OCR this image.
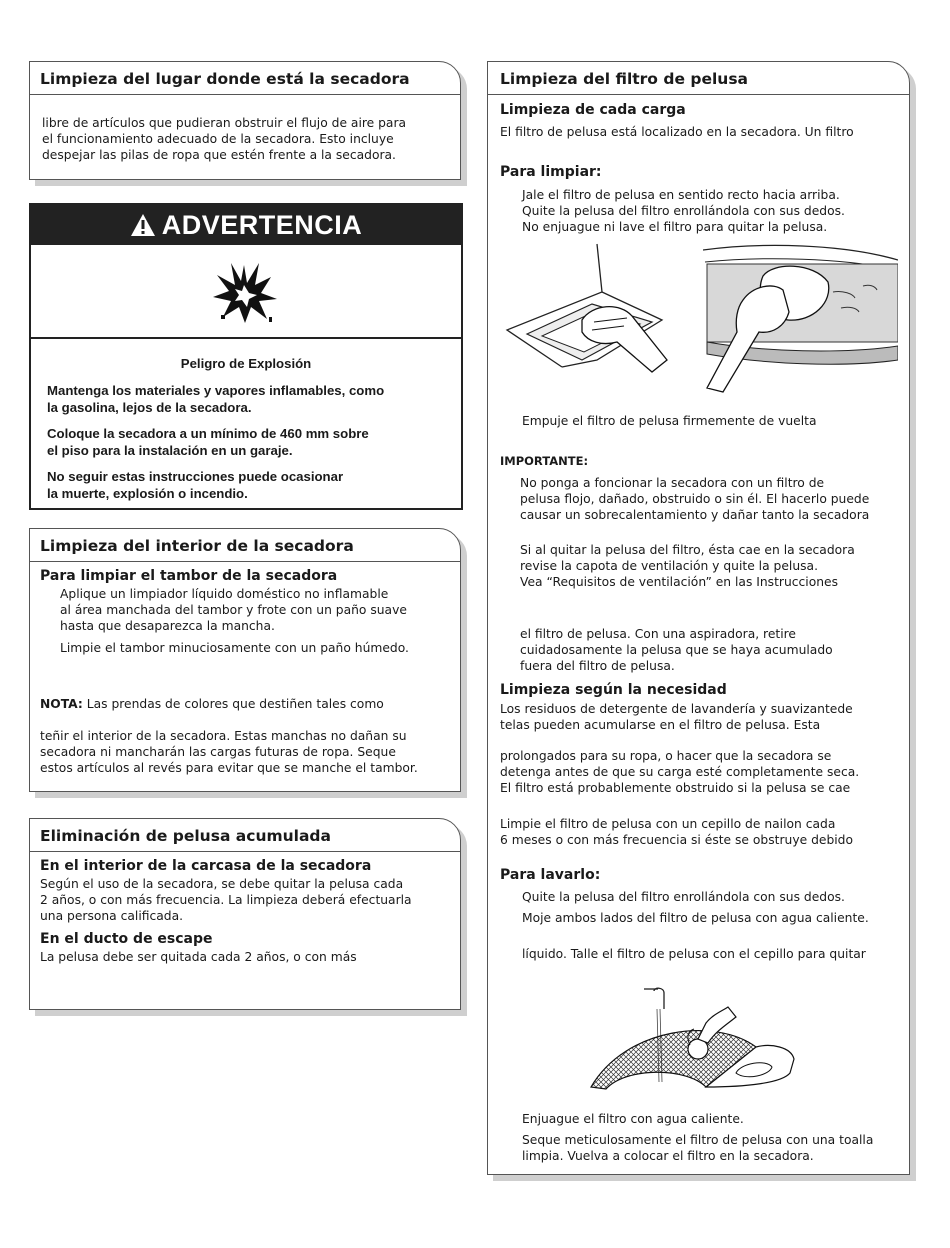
Limpieza del lugar donde está la secadora

libre de artículos que pudieran obstruir el flujo de aire para

el funcionamiento adecuado de la secadora. Esto incluye

despejar las pilas de ropa que estén frente a la secadora.

ADVERTENCIA

Peligro de Explosión

Mantenga los materiales y vapores inflamables, como
la gasolina, lejos de la secadora.

Coloque la secadora a un mínimo de 460 mm sobre
el piso para la instalación en un garaje.

No seguir estas instrucciones puede ocasionar
la muerte, explosión o incendio.

Limpieza del interior de la secadora

Para limpiar el tambor de la secadora

Aplique un limpiador líquido doméstico no inflamable

al área manchada del tambor y frote con un paño suave

hasta que desaparezca la mancha.

Limpie el tambor minuciosamente con un paño húmedo.

NOTA: Las prendas de colores que destiñen tales como

teñir el interior de la secadora. Estas manchas no dañan su

secadora ni mancharán las cargas futuras de ropa. Seque

estos artículos al revés para evitar que se manche el tambor.

Eliminación de pelusa acumulada

En el interior de la carcasa de la secadora

Según el uso de la secadora, se debe quitar la pelusa cada

2 años, o con más frecuencia. La limpieza deberá efectuarla

una persona calificada.

En el ducto de escape

La pelusa debe ser quitada cada 2 años, o con más

Limpieza del filtro de pelusa

Limpieza de cada carga

El filtro de pelusa está localizado en la secadora. Un filtro

Para limpiar:

Jale el filtro de pelusa en sentido recto hacia arriba.

Quite la pelusa del filtro enrollándola con sus dedos.

No enjuague ni lave el filtro para quitar la pelusa.

Empuje el filtro de pelusa firmemente de vuelta

IMPORTANTE:

No ponga a foncionar la secadora con un filtro de

pelusa flojo, dañado, obstruido o sin él. El hacerlo puede

causar un sobrecalentamiento y dañar tanto la secadora

Si al quitar la pelusa del filtro, ésta cae en la secadora

revise la capota de ventilación y quite la pelusa.

Vea “Requisitos de ventilación” en las Instrucciones

el filtro de pelusa. Con una aspiradora, retire

cuidadosamente la pelusa que se haya acumulado

fuera del filtro de pelusa.

Limpieza según la necesidad

Los residuos de detergente de lavandería y suavizantede

telas pueden acumularse en el filtro de pelusa. Esta

prolongados para su ropa, o hacer que la secadora se

detenga antes de que su carga esté completamente seca.

El filtro está probablemente obstruido si la pelusa se cae

Limpie el filtro de pelusa con un cepillo de nailon cada

6 meses o con más frecuencia si éste se obstruye debido

Para lavarlo:

Quite la pelusa del filtro enrollándola con sus dedos.

Moje ambos lados del filtro de pelusa con agua caliente.

líquido. Talle el filtro de pelusa con el cepillo para quitar

Enjuague el filtro con agua caliente.

Seque meticulosamente el filtro de pelusa con una toalla

limpia. Vuelva a colocar el filtro en la secadora.
